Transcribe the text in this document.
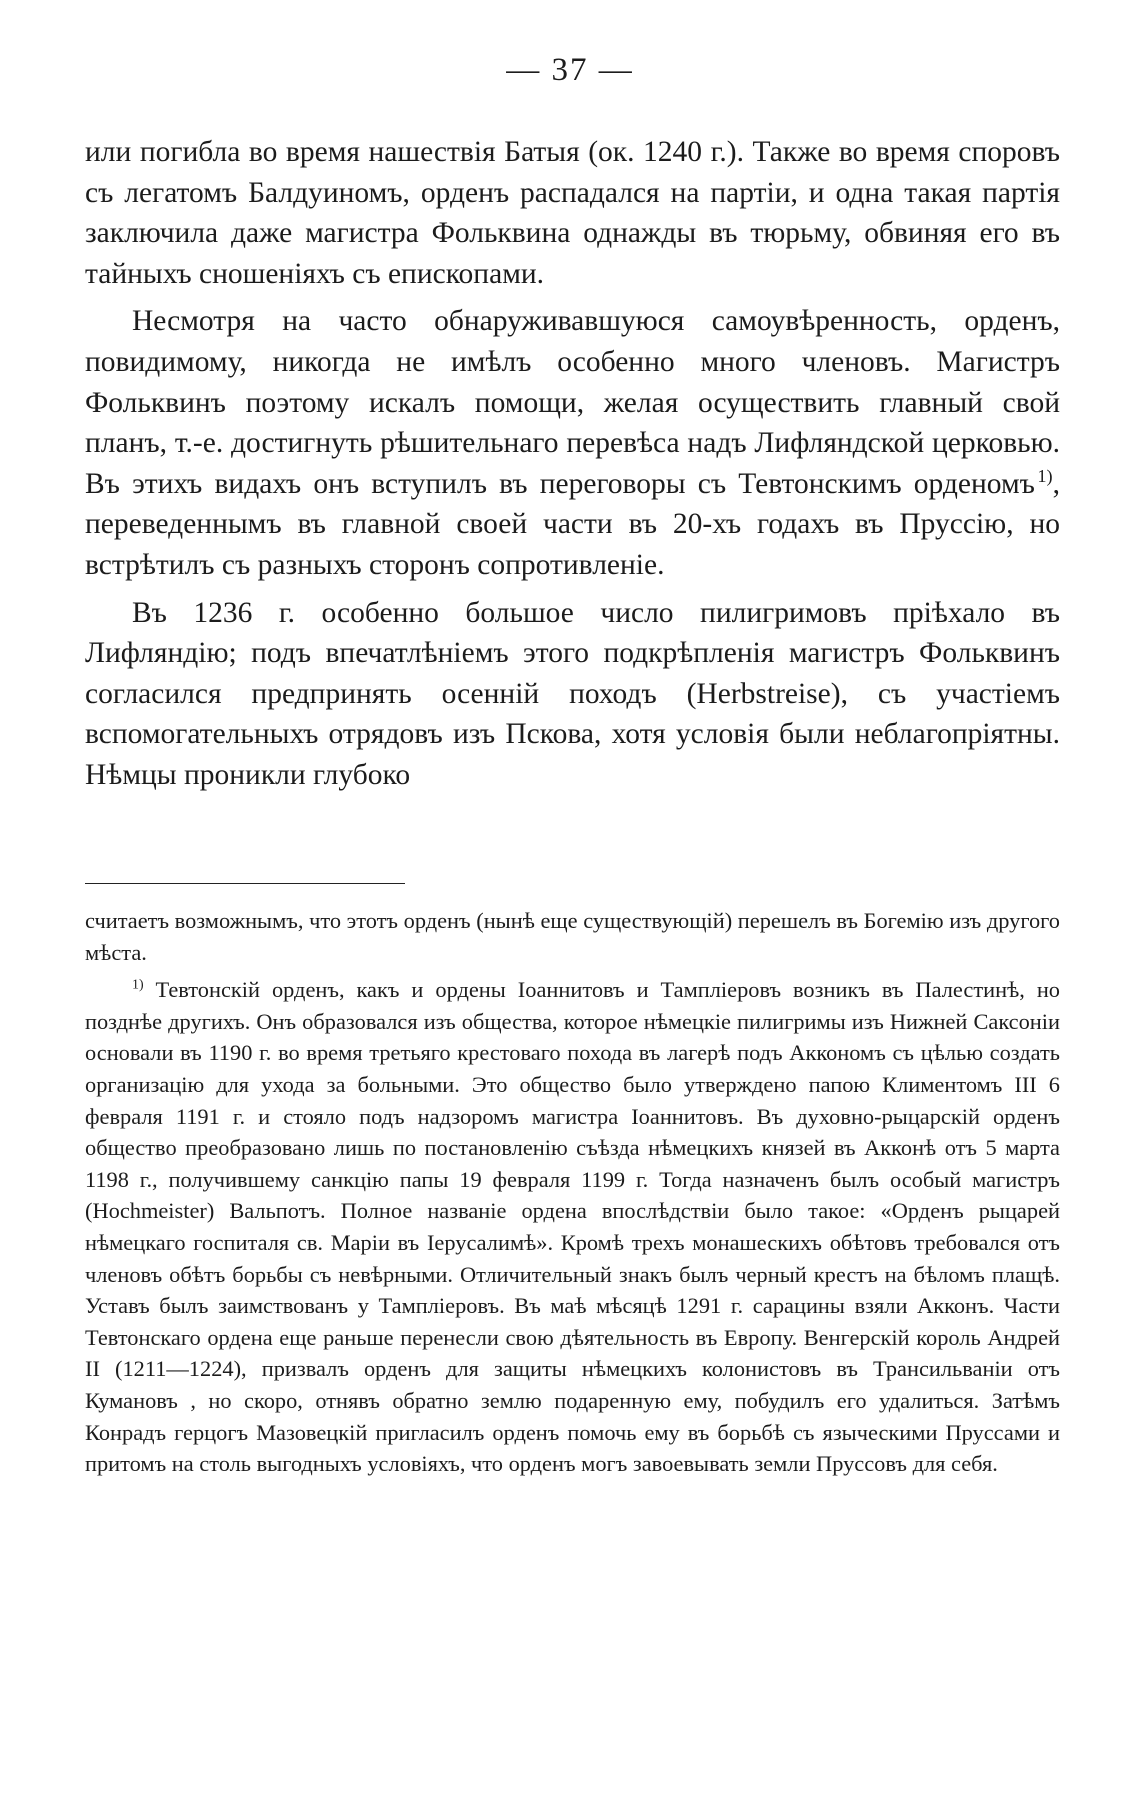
— 37 —

или погибла во время нашествія Батыя (ок. 1240 г.). Также во время споровъ съ легатомъ Балдуиномъ, орденъ распадался на партіи, и одна такая партія заключила даже магистра Фольквина однажды въ тюрьму, обвиняя его въ тайныхъ сношеніяхъ съ епископами.

Несмотря на часто обнаруживавшуюся самоувѣренность, орденъ, повидимому, никогда не имѣлъ особенно много членовъ. Магистръ Фольквинъ поэтому искалъ помощи, желая осуществить главный свой планъ, т.-е. достигнуть рѣшительнаго перевѣса надъ Лифляндской церковью. Въ этихъ видахъ онъ вступилъ въ переговоры съ Тевтонскимъ орденомъ  $^{1)}$, переведеннымъ въ главной своей части въ 20-хъ годахъ въ Пруссію, но встрѣтилъ съ разныхъ сторонъ сопротивленіе.

Въ 1236 г. особенно большое число пилигримовъ пріѣхало въ Лифляндію; подъ впечатлѣніемъ этого подкрѣпленія магистръ Фольквинъ согласился предпринять осенній походъ (Herbstreise), съ участіемъ вспомогательныхъ отрядовъ изъ Пскова, хотя условія были неблагопріятны. Нѣмцы проникли глубоко

считаетъ возможнымъ, что этотъ орденъ (нынѣ еще существующій) перешелъ въ Богемію изъ другого мѣста.

$^{1)}$ Тевтонскій орденъ, какъ и ордены Іоаннитовъ и Тампліеровъ возникъ въ Палестинѣ, но позднѣе другихъ. Онъ образовался изъ общества, которое нѣмецкіе пилигримы изъ Нижней Саксоніи основали въ 1190 г. во время третьяго крестоваго похода въ лагерѣ подъ Аккономъ съ цѣлью создать организацію для ухода за больными. Это общество было утверждено папою Климентомъ III 6 февраля 1191 г. и стояло подъ надзоромъ магистра Іоаннитовъ. Въ духовно-рыцарскій орденъ общество преобразовано лишь по постановленію съѣзда нѣмецкихъ князей въ Акконѣ отъ 5 марта 1198 г., получившему санкцію папы 19 февраля 1199 г. Тогда назначенъ былъ особый магистръ (Hochmeister) Вальпотъ. Полное названіе ордена впослѣдствіи было такое: «Орденъ рыцарей нѣмецкаго госпиталя св. Маріи въ Іерусалимѣ». Кромѣ трехъ монашескихъ обѣтовъ требовался отъ членовъ обѣтъ борьбы съ невѣрными. Отличительный знакъ былъ черный крестъ на бѣломъ плащѣ. Уставъ былъ заимствованъ у Тампліеровъ. Въ маѣ мѣсяцѣ 1291 г. сарацины взяли Акконъ. Части Тевтонскаго ордена еще раньше перенесли свою дѣятельность въ Европу. Венгерскій король Андрей II (1211—1224), призвалъ орденъ для защиты нѣмецкихъ колонистовъ въ Трансильваніи отъ Кумановъ , но скоро, отнявъ обратно землю подаренную ему, побудилъ его удалиться. Затѣмъ Конрадъ герцогъ Мазовецкій пригласилъ орденъ помочь ему въ борьбѣ съ языческими Пруссами и притомъ на столь выгодныхъ условіяхъ, что орденъ могъ завоевывать земли Пруссовъ для себя.
